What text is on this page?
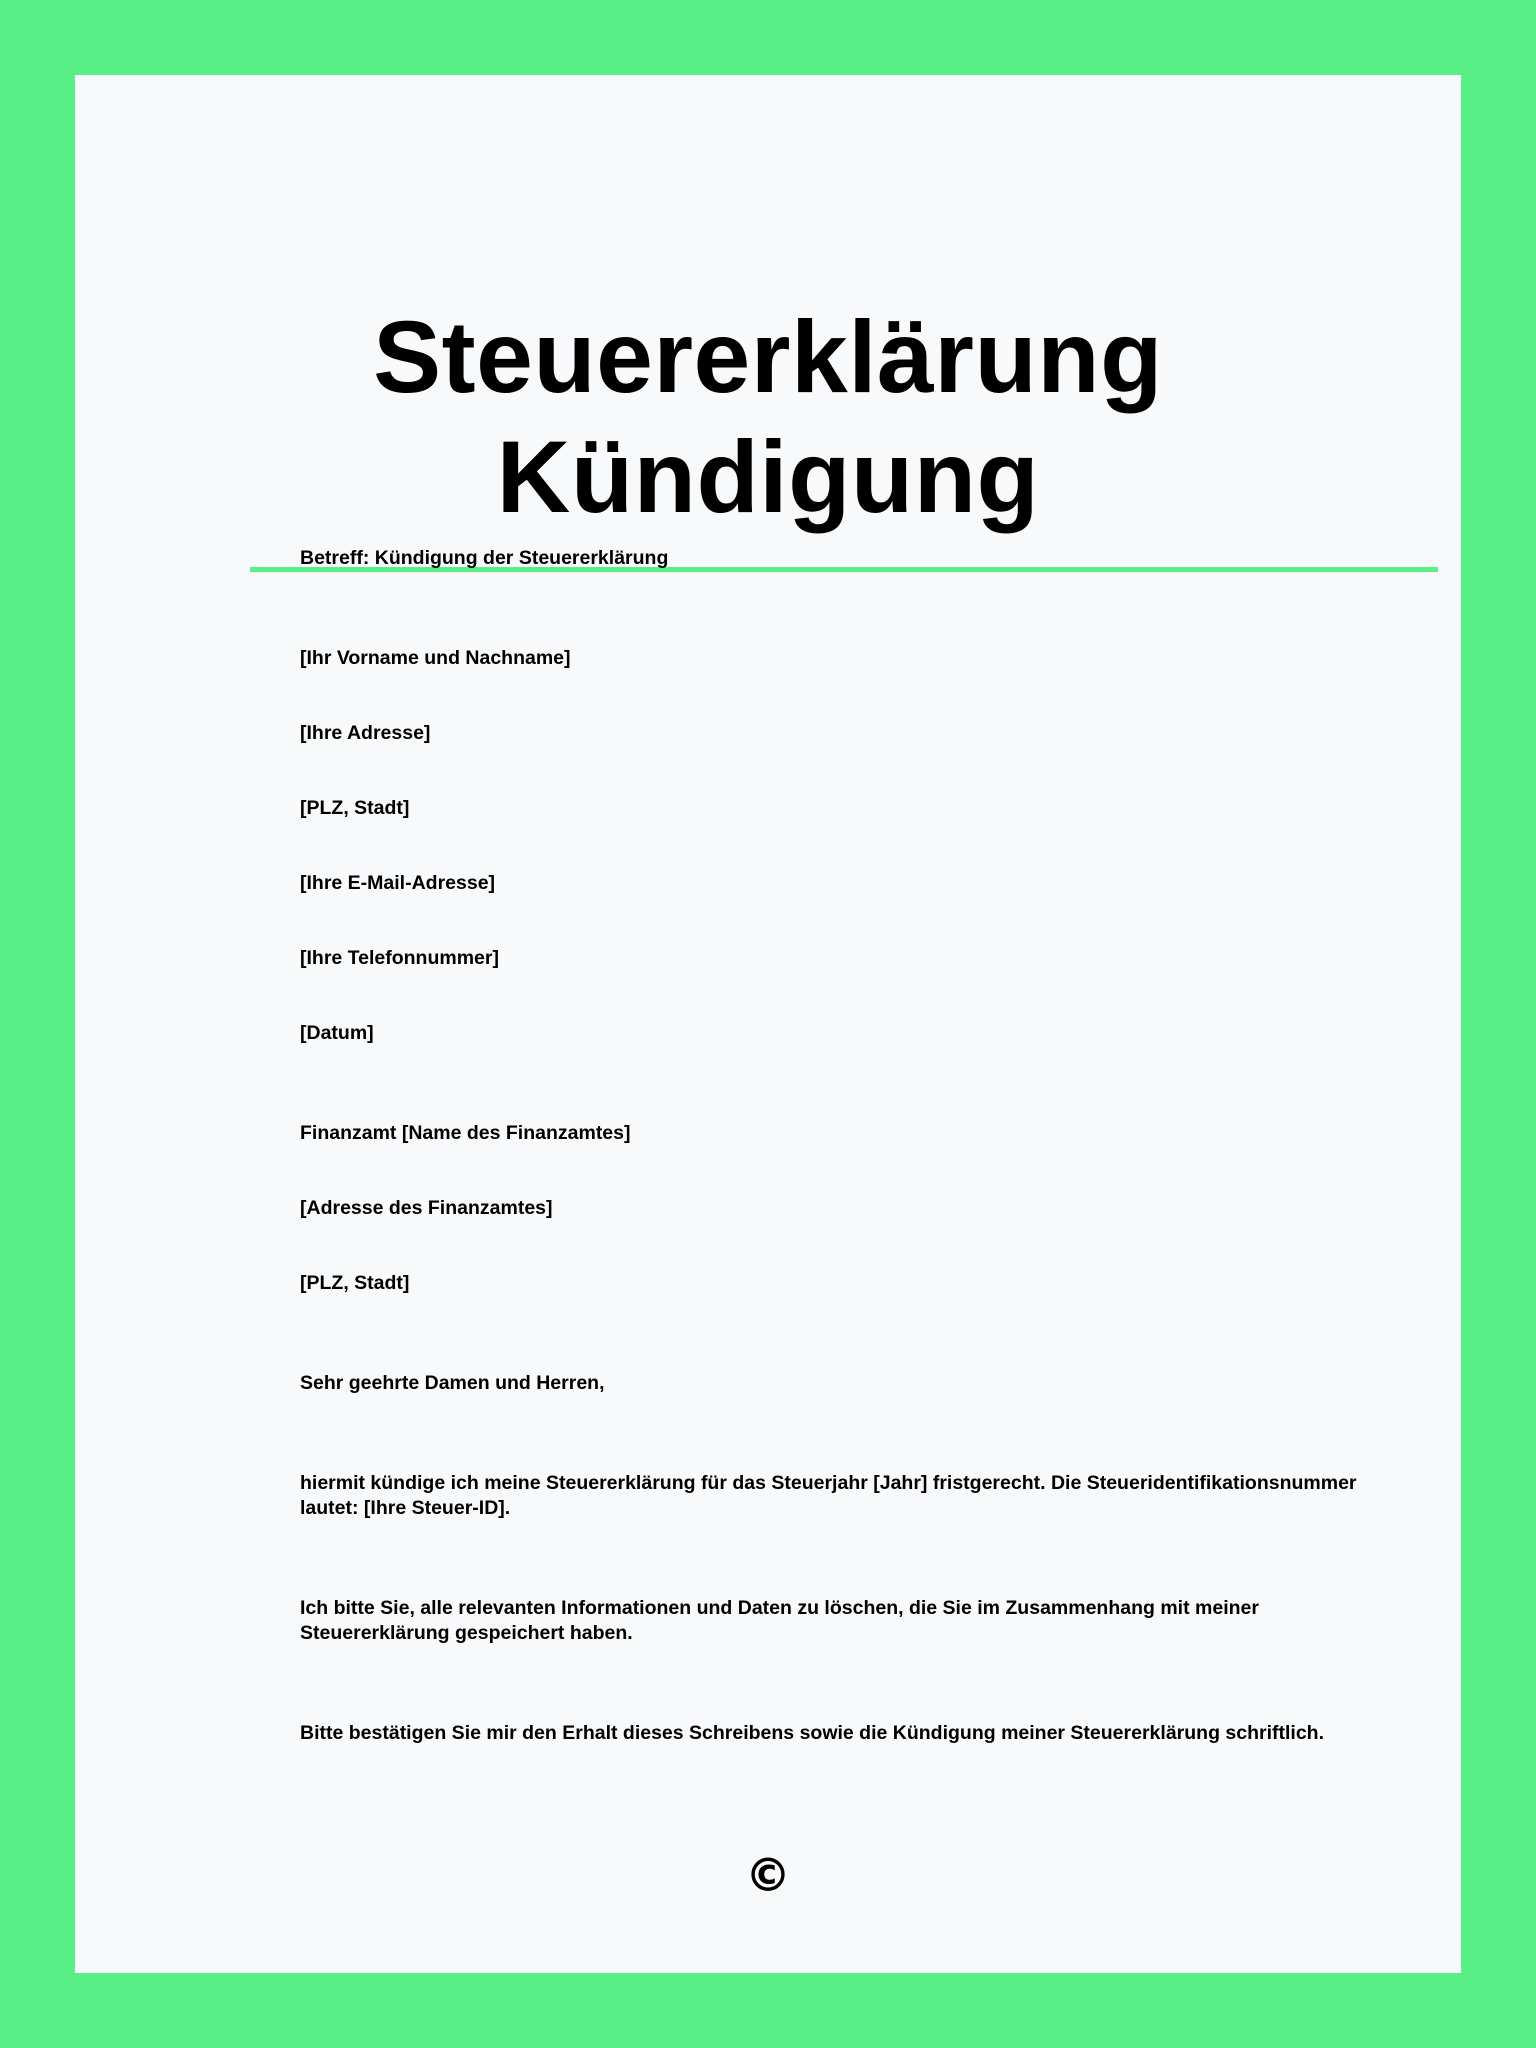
Steuererklärung
Kündigung

Betreff: Kündigung der Steuererklärung

[Ihr Vorname und Nachname]

[Ihre Adresse]

[PLZ, Stadt]

[Ihre E-Mail-Adresse]

[Ihre Telefonnummer]

[Datum]

Finanzamt [Name des Finanzamtes]

[Adresse des Finanzamtes]

[PLZ, Stadt]

Sehr geehrte Damen und Herren,

hiermit kündige ich meine Steuererklärung für das Steuerjahr [Jahr] fristgerecht. Die Steueridentifikationsnummer lautet: [Ihre Steuer-ID].

Ich bitte Sie, alle relevanten Informationen und Daten zu löschen, die Sie im Zusammenhang mit meiner Steuererklärung gespeichert haben.

Bitte bestätigen Sie mir den Erhalt dieses Schreibens sowie die Kündigung meiner Steuererklärung schriftlich.

©
